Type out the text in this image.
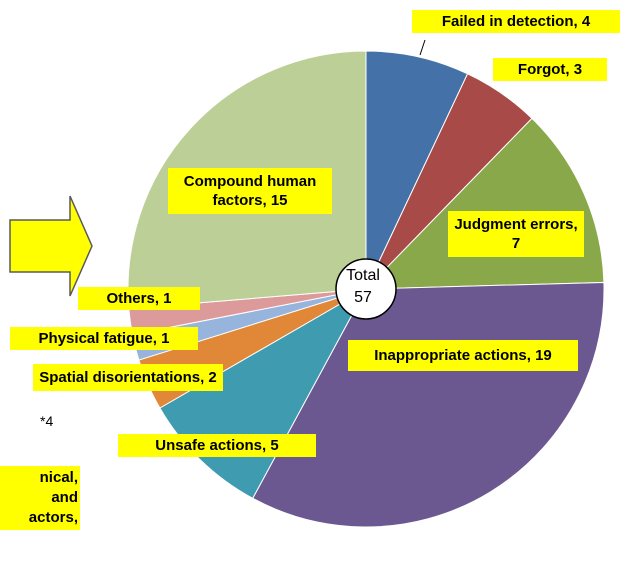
Total
57
Failed in detection, 4
Forgot, 3
Judgment errors, 7
Compound human factors, 15
Others, 1
Physical fatigue, 1
Spatial disorientations, 2
*4
Unsafe actions, 5
Inappropriate actions, 19
nical,
and
actors,
